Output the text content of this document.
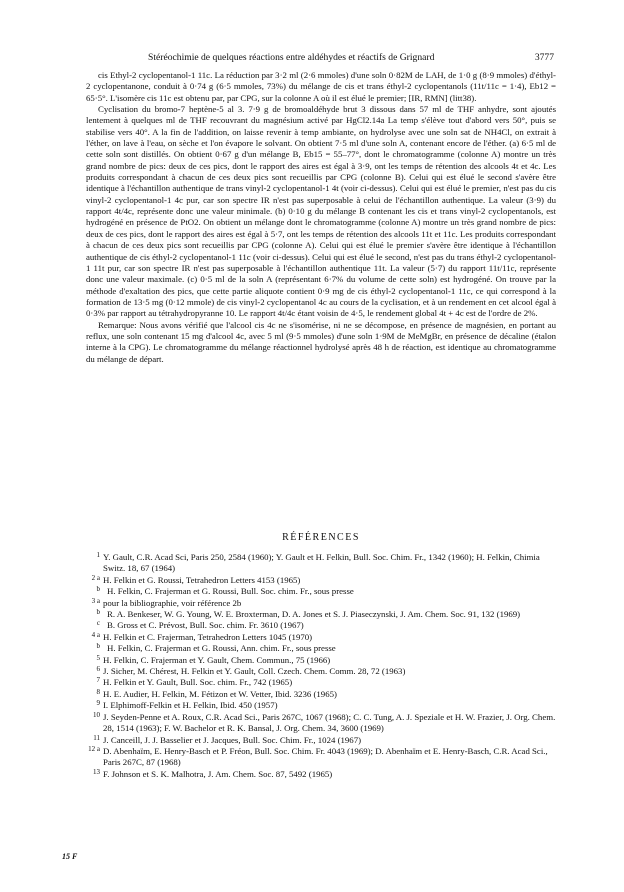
Stéréochimie de quelques réactions entre aldéhydes et réactifs de Grignard	3777

cis Ethyl-2 cyclopentanol-1 11c. La réduction par 3·2 ml (2·6 mmoles) d'une soln 0·82M de LAH, de 1·0 g (8·9 mmoles) d'éthyl-2 cyclopentanone, conduit à 0·74 g (6·5 mmoles, 73%) du mélange de cis et trans éthyl-2 cyclopentanols (11t/11c = 1·4), Eb12 = 65·5°. L'isomère cis 11c est obtenu par, par CPG, sur la colonne A où il est élué le premier; [IR, RMN] (litt38).

Cyclisation du bromo-7 heptène-5 al 3. 7·9 g de bromoaldéhyde brut 3 dissous dans 57 ml de THF anhydre, sont ajoutés lentement à quelques ml de THF recouvrant du magnésium activé par HgCl2.14a La temp s'élève tout d'abord vers 50°, puis se stabilise vers 40°. A la fin de l'addition, on laisse revenir à temp ambiante, on hydrolyse avec une soln sat de NH4Cl, on extrait à l'éther, on lave à l'eau, on sèche et l'on évapore le solvant. On obtient 7·5 ml d'une soln A, contenant encore de l'éther. (a) 6·5 ml de cette soln sont distillés. On obtient 0·67 g d'un mélange B, Eb15 = 55–77°, dont le chromatogramme (colonne A) montre un très grand nombre de pics: deux de ces pics, dont le rapport des aires est égal à 3·9, ont les temps de rétention des alcools 4t et 4c. Les produits correspondant à chacun de ces deux pics sont recueillis par CPG (colonne B). Celui qui est élué le second s'avère être identique à l'échantillon authentique de trans vinyl-2 cyclopentanol-1 4t (voir ci-dessus). Celui qui est élué le premier, n'est pas du cis vinyl-2 cyclopentanol-1 4c pur, car son spectre IR n'est pas superposable à celui de l'échantillon authentique. La valeur (3·9) du rapport 4t/4c, représente donc une valeur minimale. (b) 0·10 g du mélange B contenant les cis et trans vinyl-2 cyclopentanols, est hydrogéné en présence de PtO2. On obtient un mélange dont le chromatogramme (colonne A) montre un très grand nombre de pics: deux de ces pics, dont le rapport des aires est égal à 5·7, ont les temps de rétention des alcools 11t et 11c. Les produits correspondant à chacun de ces deux pics sont recueillis par CPG (colonne A). Celui qui est élué le premier s'avère être identique à l'échantillon authentique de cis éthyl-2 cyclopentanol-1 11c (voir ci-dessus). Celui qui est élué le second, n'est pas du trans éthyl-2 cyclopentanol-1 11t pur, car son spectre IR n'est pas superposable à l'échantillon authentique 11t. La valeur (5·7) du rapport 11t/11c, représente donc une valeur maximale. (c) 0·5 ml de la soln A (représentant 6·7% du volume de cette soln) est hydrogéné. On trouve par la méthode d'exaltation des pics, que cette partie aliquote contient 0·9 mg de cis éthyl-2 cyclopentanol-1 11c, ce qui correspond à la formation de 13·5 mg (0·12 mmole) de cis vinyl-2 cyclopentanol 4c au cours de la cyclisation, et à un rendement en cet alcool égal à 0·3% par rapport au tétrahydropyranne 10. Le rapport 4t/4c étant voisin de 4·5, le rendement global 4t + 4c est de l'ordre de 2%.

Remarque: Nous avons vérifié que l'alcool cis 4c ne s'isomérise, ni ne se décompose, en présence de magnésien, en portant au reflux, une soln contenant 15 mg d'alcool 4c, avec 5 ml (9·5 mmoles) d'une soln 1·9M de MeMgBr, en présence de décaline (étalon interne à la CPG). Le chromatogramme du mélange réactionnel hydrolysé après 48 h de réaction, est identique au chromatogramme du mélange de départ.

RÉFÉRENCES
1 Y. Gault, C.R. Acad Sci, Paris 250, 2584 (1960); Y. Gault et H. Felkin, Bull. Soc. Chim. Fr., 1342 (1960); H. Felkin, Chimia Switz. 18, 67 (1964)
2 a H. Felkin et G. Roussi, Tetrahedron Letters 4153 (1965)
b H. Felkin, C. Frajerman et G. Roussi, Bull. Soc. chim. Fr., sous presse
3 a pour la bibliographie, voir référence 2b
b R. A. Benkeser, W. G. Young, W. E. Broxterman, D. A. Jones et S. J. Piaseczynski, J. Am. Chem. Soc. 91, 132 (1969)
c B. Gross et C. Prévost, Bull. Soc. chim. Fr. 3610 (1967)
4 a H. Felkin et C. Frajerman, Tetrahedron Letters 1045 (1970)
b H. Felkin, C. Frajerman et G. Roussi, Ann. chim. Fr., sous presse
5 H. Felkin, C. Frajerman et Y. Gault, Chem. Commun., 75 (1966)
6 J. Sicher, M. Chérest, H. Felkin et Y. Gault, Coll. Czech. Chem. Comm. 28, 72 (1963)
7 H. Felkin et Y. Gault, Bull. Soc. chim. Fr., 742 (1965)
8 H. E. Audier, H. Felkin, M. Fétizon et W. Vetter, Ibid. 3236 (1965)
9 I. Elphimoff-Felkin et H. Felkin, Ibid. 450 (1957)
10 J. Seyden-Penne et A. Roux, C.R. Acad Sci., Paris 267C, 1067 (1968); C. C. Tung, A. J. Speziale et H. W. Frazier, J. Org. Chem. 28, 1514 (1963); F. W. Bachelor et R. K. Bansal, J. Org. Chem. 34, 3600 (1969)
11 J. Canceill, J. J. Basselier et J. Jacques, Bull. Soc. Chim. Fr., 1024 (1967)
12 a D. Abenhaïm, E. Henry-Basch et P. Fréon, Bull. Soc. Chim. Fr. 4043 (1969); D. Abenhaïm et E. Henry-Basch, C.R. Acad Sci., Paris 267C, 87 (1968)
13 F. Johnson et S. K. Malhotra, J. Am. Chem. Soc. 87, 5492 (1965)
15 F
